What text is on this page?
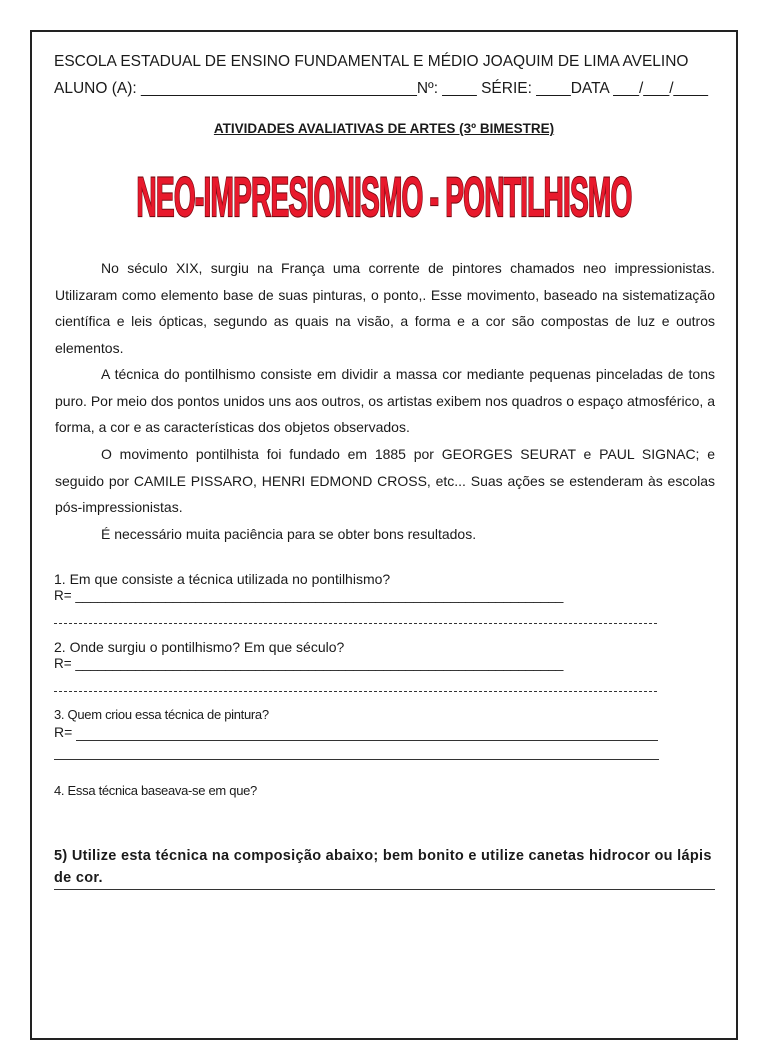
ESCOLA ESTADUAL DE ENSINO FUNDAMENTAL E MÉDIO JOAQUIM DE LIMA AVELINO
ALUNO (A): ________________________________Nº: ____ SÉRIE: ____DATA ___/___/____
ATIVIDADES AVALIATIVAS DE ARTES (3º BIMESTRE)
NEO-IMPRESIONISMO - PONTILHISMO
No século XIX, surgiu na França uma corrente de pintores chamados neo impressionistas. Utilizaram como elemento base de suas pinturas, o ponto,. Esse movimento, baseado na sistematização científica e leis ópticas, segundo as quais na visão, a forma e a cor são compostas de luz e outros elementos.
A técnica do pontilhismo consiste em dividir a massa cor mediante pequenas pinceladas de tons puro. Por meio dos pontos unidos uns aos outros, os artistas exibem nos quadros o espaço atmosférico, a forma, a cor e as características dos objetos observados.
O movimento pontilhista foi fundado em 1885 por GEORGES SEURAT e PAUL SIGNAC; e seguido por CAMILE PISSARO, HENRI EDMOND CROSS, etc... Suas ações se estenderam às escolas pós-impressionistas.
É necessário muita paciência para se obter bons resultados.
1. Em que consiste a técnica utilizada no pontilhismo?
R= _________________________________________________________________
2. Onde surgiu o pontilhismo? Em que século?
R= _________________________________________________________________
3. Quem criou essa técnica de pintura?
R=
4. Essa técnica baseava-se em que?
5) Utilize esta técnica na composição abaixo; bem bonito e utilize canetas hidrocor ou lápis de cor.
